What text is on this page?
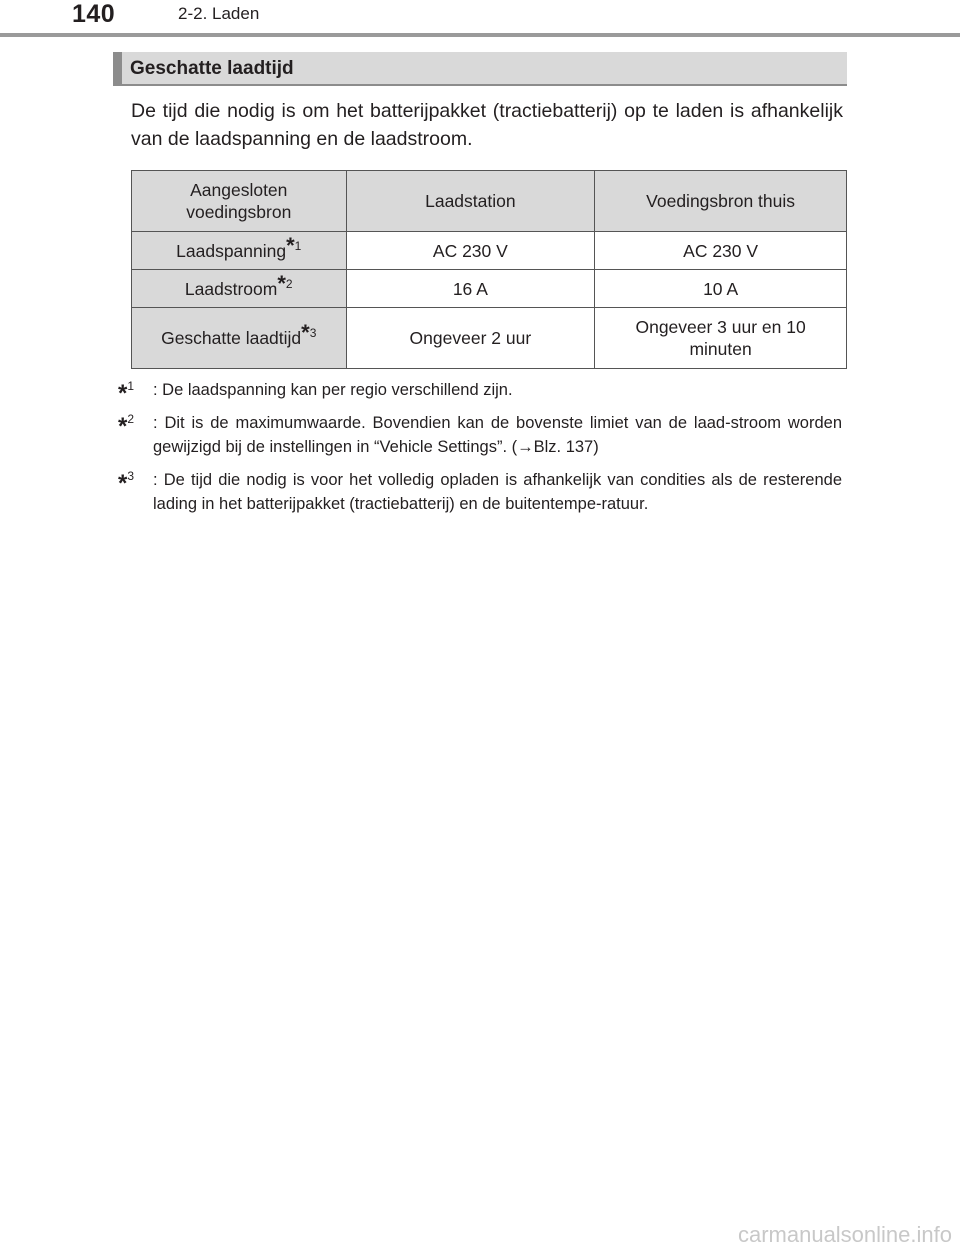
140	2-2. Laden
Geschatte laadtijd
De tijd die nodig is om het batterijpakket (tractiebatterij) op te laden is afhankelijk van de laadspanning en de laadstroom.
Aangesloten voedingsbron	Laadstation	Voedingsbron thuis
Laadspanning*$^1$	AC 230 V	AC 230 V
Laadstroom*$^2$	16 A	10 A
Geschatte laadtijd*$^3$	Ongeveer 2 uur	Ongeveer 3 uur en 10 minuten
*$^1$ : De laadspanning kan per regio verschillend zijn.
*$^2$ : Dit is de maximumwaarde. Bovendien kan de bovenste limiet van de laad-stroom worden gewijzigd bij de instellingen in “Vehicle Settings”. (→Blz. 137)
*$^3$ : De tijd die nodig is voor het volledig opladen is afhankelijk van condities als de resterende lading in het batterijpakket (tractiebatterij) en de buitentempe-ratuur.
carmanualsonline.info
